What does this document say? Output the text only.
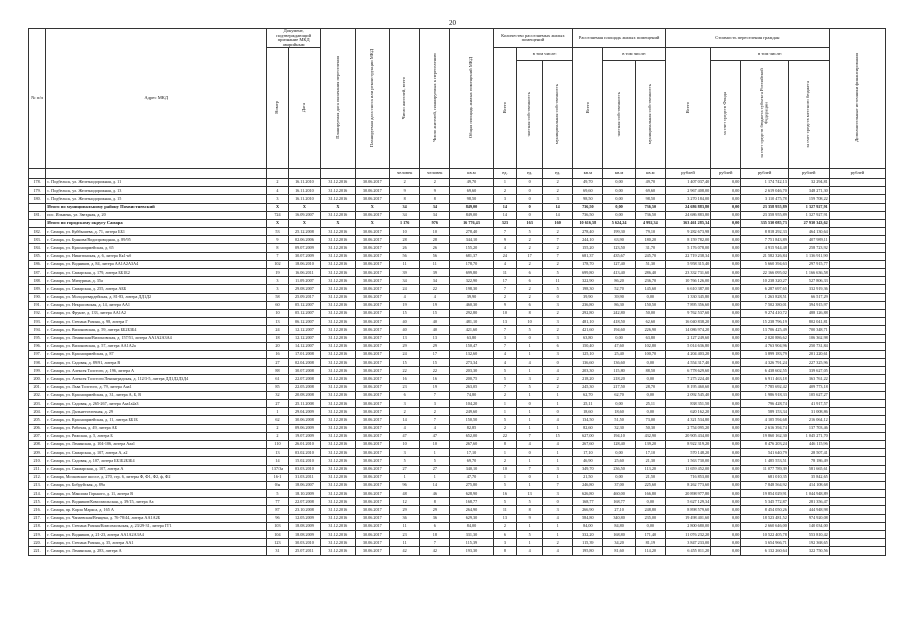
20
№ п/п	Адрес МКД	Документ, подтверждающий признание МКД аварийным		Планируемая дата окончания переселения	Планируемая дата сноса или реконструкции МКД	Число жителей, всего	Число жителей, планируемых к переселению	Общая площадь жилых помещений МКД	Количество расселяемых жилых помещений			Расселяемая площадь жилых помещений			Стоимость переселения граждан				Дополнительные источники финансирования
		Номер	Дата						Всего	в том числе:		Всего	в том числе:		Всего	в том числе:			
										частная собственность	муниципальная собственность		частная собственность	муниципальная собственность		за счет средств Фонда	за счет средств бюджета субъекта Российской Федерации	за счет средств местного бюджета	
						человек	человек	кв.м	ед.	ед.	ед.	кв.м	кв.м	кв.м	рублей	рублей	рублей	рублей	рублей
178.	с. Подбельск, ул. Железнодорожная, д. 11	2	16.11.2010	31.12.2016	30.06.2017	2	2	49,70	1	0	2	49,70	0,00	49,70	1 407 037,40	0,00	1 174 742,13	32 294,81	
179.	с. Подбельск, ул. Железнодорожная, д. 13	4	16.11.2010	31.12.2016	30.06.2017	9	9	69,60	2	0	2	69,60	0,00	69,60	2 967 408,00	0,00	2 619 046,70	348 271,30	
180.	с. Подбельск, ул. Железнодорожная, д. 15	3	16.11.2010	31.12.2016	30.06.2017	8	8	98,50	3	0	3	98,50	0,00	98,50	3 270 184,00	0,00	3 110 475,78	159 708,22	
	Итого по муниципальному району Похвистневский	X	X	X	X	34	34	849,00	14	0	14	736,50	0,00	736,50	24 686 883,80	0,00	23 358 955,89	1 327 927,91	
181.	пос. Ильмень, ул. Звездная, д. 20	724	16.09.2007	31.12.2016	30.06.2017	34	34	849,00	14	0	14	736,50	0,00	736,50	24 686 883,80	0,00	23 358 955,89	1 327 927,91	
	Итого по городскому округу Самара	X	X	X	X	1 176	976	16 776,43	323	163	160	10 616,58	5 624,24	4 992,34	363 461 285,34	0,00	335 530 085,73	27 930 343,62	
182.	г. Самара, ул. Куйбышева, д. 71, литера ББ1	53	25.12.2008	31.12.2016	30.06.2017	10	10	278,40	7	5	2	278,40	199,30	79,10	9 282 673,98	0,00	8 818 292,33	464 130,64	
183.	г. Самара, ул. Буянова/Водопроводная, д. 89/95	9	02.06.2006	31.12.2016	30.06.2017	28	28	344,10	9	2	7	244,10	63,90	180,20	8 159 782,00	0,00	7 751 843,89	407 989,11	
184.	г. Самара, ул. Красноармейская, д. 65	8	09.07.2009	31.12.2016	30.06.2017	26	26	155,20	4	2	2	155,20	123,50	31,70	5 176 078,00	0,00	4 915 944,48	258 723,92	
185.	г. Самара, ул. Никитинская, д. 6, литера Кк1-кб	7	30.07.2009	31.12.2016	30.06.2017	56	56	681,37	24	17	7	681,37	435,67	245,70	22 719 238,34	0,00	21 582 326,84	1 136 911,90	
186.	г. Самара, ул. Водников, д. 84, литера АА1А2А3А4	102	18.06.2010	31.12.2016	30.06.2017	11	11	178,70	4	2	2	178,70	127,40	51,30	5 958 315,40	0,00	5 660 394,63	297 915,77	
187.	г. Самара, ул. Самарская, д. 179, литера ББ1Б2	19	16.06.2011	31.12.2016	30.06.2017	39	39	699,80	11	6	5	699,80	413,40	286,40	23 332 731,60	0,00	22 166 095,02	1 166 636,58	
188.	г. Самара, ул. Мичурина, д. 35а	3	11.09.2007	31.12.2016	30.06.2017	34	34	322,90	17	6	11	322,90	86,20	236,70	10 766 126,00	0,00	10 238 320,27	527 806,33	
189.	г. Самара, ул. Самарская, д. 255, литера АББ	3	29.08.2007	31.12.2016	30.06.2017	24	22	198,30	7	2	5	198,30	52,70	145,60	6 610 387,00	0,00	6 287 697,65	332 919,36	
190.	г. Самара, ул. Молодогвардейская, д. 81-83, литера ДД1Д2	58	25.09.2017	31.12.2016	30.06.2017	4	4	39,90	2	2	0	39,90	39,90	0,00	1 330 345,80	0,00	1 263 828,51	66 517,29	
191.	г. Самара, ул. Некрасовская, д. 14, литера АА1	60	05.12.2007	31.12.2016	30.06.2017	19	19	460,30	9	6	3	236,80	86,30	150,50	7 895 356,60	0,00	7 502 380,01	394 915,97	
192.	г. Самара, ул. Фрунзе, д. 133, литера АА1А2	10	05.12.2007	31.12.2016	30.06.2017	15	15	292,80	10	8	2	292,80	242,80	50,00	9 762 537,60	0,00	9 274 410,72	488 126,88	
193.	г. Самара, ул. Степана Разина, д. 98, литера Г	13	06.12.2007	31.12.2016	30.06.2017	40	40	481,10	13	10	3	481,10	418,50	62,60	16 040 838,20	0,00	15 238 796,19	802 041,81	
194.	г. Самара, ул. Вилоновская, д. 59, литера ББ2Б3Б4	24	12.12.2007	31.12.2016	30.06.2017	40	40	421,60	7	5	2	421,60	194,60	226,90	14 086 974,20	0,00	13 706 425,49	700 348,71	
195.	г. Самара, ул. Ленинская/Вилоновская, д. 157/51, литера АА1А2А3А4	18	12.12.2007	31.12.2016	30.06.2017	13	13	63,80	3	0	3	63,80	0,00	63,80	2 127 249,60	0,00	2 020 886,62	106 362,98	
196.	г. Самара, ул. Вилоновская, д. 57, литера АА1А2а	20	14.12.2007	31.12.2016	30.06.2017	29	29	150,47	7	1	6	150,40	47,60	102,80	5 014 636,80	0,00	4 763 904,96	250 731,84	
197.	г. Самара, ул. Красноармейская, д. 87	16	17.01.2008	31.12.2016	30.06.2017	24	17	132,60	4	1	3	125,10	25,40	100,70	4 204 403,20	0,00	3 899 183,79	201 220,61	
198.	г. Самара, ул. Садовая, д. 89/91, литера В	27	02.04.2008	31.12.2016	30.06.2017	15	15	273,34	4	4	0	136,60	136,60	0,00	4 554 317,40	0,00	4 326 791,24	227 325,96	
199.	г. Самара, ул. Алексея Толстого, д. 196, литера А	88	30.07.2008	31.12.2016	30.06.2017	22	22	203,30	5	1	4	203,30	115,80	88,50	6 778 629,60	0,00	6 438 602,55	339 627,05	
200.	г. Самара, ул. Алексея Толстого/Ленинградская, д. 112/3-5, литера ДД1Д2Д3Д4	61	22.07.2008	31.12.2016	30.06.2017	16	16	200,75	5	3	2	218,20	218,20	0,00	7 275 224,40	0,00	6 911 463,18	363 761,22	
201.	г. Самара, ул. Льва Толстого, д. 79, литера Ааа1	85	22.05.2008	31.12.2016	30.06.2017	23	19	263,05	7	5	2	245,30	217,50	28,70	8 195 460,60	0,00	7 785 692,42	409 773,18	
202.	г. Самара, ул. Красноармейская, д. 31, литера А, Б, В	32	20.08.2008	31.12.2016	30.06.2017	6	7	74,80	2	1	1	62,70	62,70	0,00	2 092 545,40	0,00	1 986 918,33	105 627,27	
203.	г. Самара, ул. Садовая, д. 265-267, литера Ааа1а2а3	27	25.11.2008	31.12.2016	30.06.2017	3	3	104,20	1	0	1	25,11	0,00	25,11	838 351,50	0,00	796 428,74	41 917,57	
204.	г. Самара, ул. Дальнevosточная, д. 29	1	29.04.2009	31.12.2016	30.06.2017	2	2	249,60	1	1	0	18,60	18,60	0,00	620 162,20	0,00	589 153,34	31 008,86	
205.	г. Самара, ул. Красноармейская, д. 11, литера ББ1Б	62	30.06.2008	31.12.2016	30.06.2017	14	7	150,50	5	1	4	134,50	51,50	73,00	4 321 534,80	0,00	4 105 594,68	216 064,12	
206.	г. Самара, ул. Рабочая, д. 49, литера АБ	2	09.06.2009	31.12.2016	30.06.2017	4	4	82,85	2	1	1	82,60	32,30	50,30	2 754 095,20	0,00	2 616 394,74	137 703,46	
207.	г. Самара, ул. Рижская, д. 5, литера Б	2	19.07.2009	31.12.2016	30.06.2017	47	47	652,00	22	7	15	627,00	194,10	432,90	20 905 434,00	0,00	19 860 162,30	1 045 271,70	
208.	г. Самара, ул. Ленинская, д. 104-106, литера Ааа1	110	26.01.2010	31.12.2016	30.06.2017	10	10	267,60	8	4	4	267,60	128,40	139,20	8 922 319,20	0,00	8 476 203,24	446 115,96	
209.	г. Самара, ул. Самарская, д. 107, литера А, а2	13	03.02.2010	31.12.2016	30.06.2017	3	1	17,10	1	0	1	17,10	0,00	17,10	570 148,20	0,00	541 640,79	28 507,41	
210.	г. Самара, ул. Садовая, д. 107, литера ББ1Б2Б3Б4	14	15.02.2010	31.12.2016	30.06.2017	5	5	69,70	2	1	1	46,90	25,60	21,30	1 563 730,00	0,00	1 485 553,51	78 186,49	
211.	г. Самара, ул. Сакмарская, д. 107, литера А	137/3а	03.03.2010	31.12.2016	30.06.2017	27	27	340,10	10	7	3	349,70	236,50	113,20	11 659 452,00	0,00	11 077 789,39	581 665,61	
212.	г. Самара, Московское шоссе, д. 270, стр. 6, литеры Ф, Ф1, Ф2, ф, Ф2	16-1	31.03.2011	31.12.2016	30.06.2017	1	1	47,70	1	0	1	21,50	0,00	21,50	716 853,00	0,00	681 010,35	35 842,65	
213.	г. Самара, ул. Бобруйская, д. 89а	0/н	18.06.2007	31.12.2016	30.06.2017	96	14	275,80	5	1	7	246,80	37,00	225,60	8 262 773,60	0,00	7 848 564,92	414 108,68	
214.	г. Самара, ул. Максима Горького, д. 11, литера В	5	18.10.2009	31.12.2016	30.06.2017	48	46	628,90	16	13	3	626,80	460,00	166,80	20 898 977,80	0,00	19 854 029,91	1 044 948,89	
215.	г. Самара, ул. Водников/Комсомольская, д. 39/15, литера Аа	77	22.07.2008	31.12.2016	30.06.2017	12	8	168,77	5	5	0	168,77	168,77	0,00	5 627 129,34	0,00	5 345 772,87	281 356,47	
216.	г. Самара, пр. Карла Маркса, д. 165 А	87	23.10.2008	31.12.2016	30.06.2017	29	29	264,90	11	8	3	266,90	27,10	248,80	8 898 579,60	0,00	8 454 050,26	444 948,98	
217.	г. Самара, ул. Чапаевская/Венцека, д. 76-78/44, литера АА1А2Б	96	12.05.2009	31.12.2016	30.06.2017	36	36	629,30	13	9	4	584,80	340,80	235,00	19 498 401,60	0,00	18 523 481,52	974 920,08	
218.	г. Самара, ул. Степана Разина/Комсомольская, д. 23/29-31, литера ГГ1	103	18.08.2009	31.12.2016	30.06.2017	11	6	84,00	2	1	1	84,00	84,80	0,00	2 800 680,00	0,00	2 660 646,00	140 034,00	
219.	г. Самара, ул. Водников, д. 21-23, литера АА1А2А3А4	104	18.08.2009	31.12.2016	30.06.2017	23	18	331,30	6	5	1	332,20	168,80	171,40	11 076 232,20	0,00	10 522 405,78	553 810,42	
220.	г. Самара, ул. Степана Разина, д. 35, литера АА1	123	30.03.2010	31.12.2016	30.06.2017	11	7	115,39	3	1	2	115,39	34,20	81,19	3 847 233,00	0,00	3 654 966,71	192 368,65	
221.	г. Самара, ул. Ленинская, д. 283, литера А	31	25.07.2011	31.12.2016	30.06.2017	42	42	193,30	8	4	4	195,80	81,60	114,20	6 455 011,20	0,00	6 132 260,64	322 750,56	
